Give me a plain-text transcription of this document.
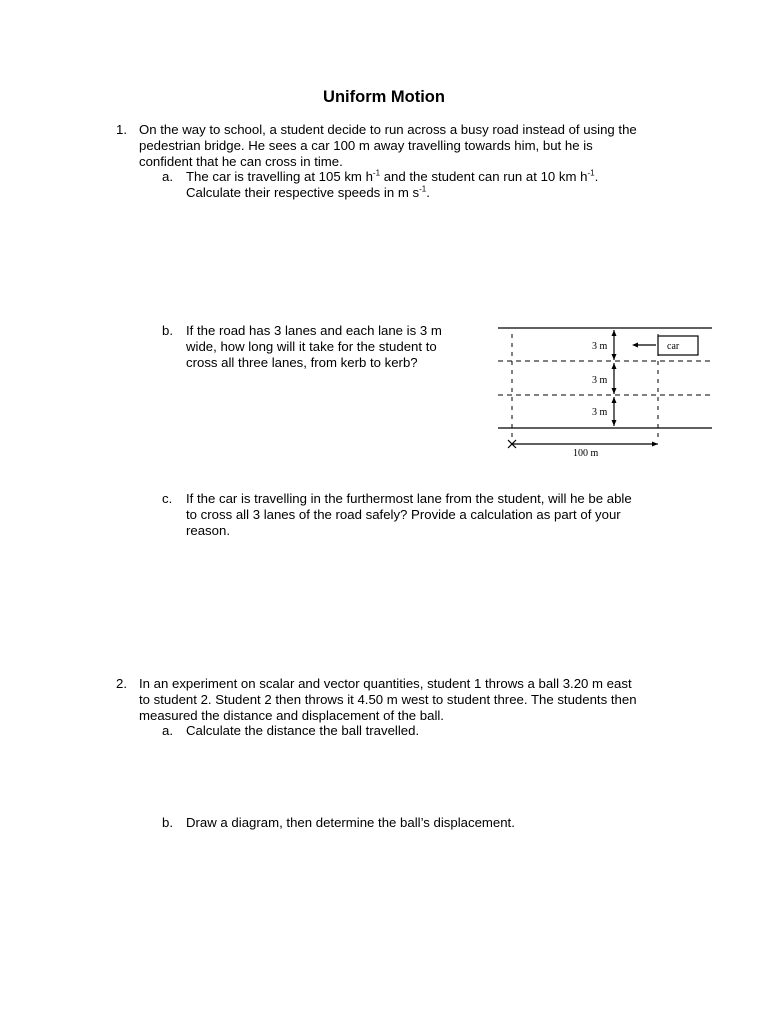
Uniform Motion
1. On the way to school, a student decide to run across a busy road instead of using the
pedestrian bridge. He sees a car 100 m away travelling towards him, but he is
confident that he can cross in time.
a. The car is travelling at 105 km $h^{-1}$ and the student can run at 10 km $h^{-1}$.
Calculate their respective speeds in m $s^{-1}$.
b. If the road has 3 lanes and each lane is 3 m
wide, how long will it take for the student to
cross all three lanes, from kerb to kerb?
3 m
3 m
3 m
car
100 m
c. If the car is travelling in the furthermost lane from the student, will he be able
to cross all 3 lanes of the road safely? Provide a calculation as part of your
reason.
2. In an experiment on scalar and vector quantities, student 1 throws a ball 3.20 m east
to student 2. Student 2 then throws it 4.50 m west to student three. The students then
measured the distance and displacement of the ball.
a. Calculate the distance the ball travelled.
b. Draw a diagram, then determine the ball’s displacement.
